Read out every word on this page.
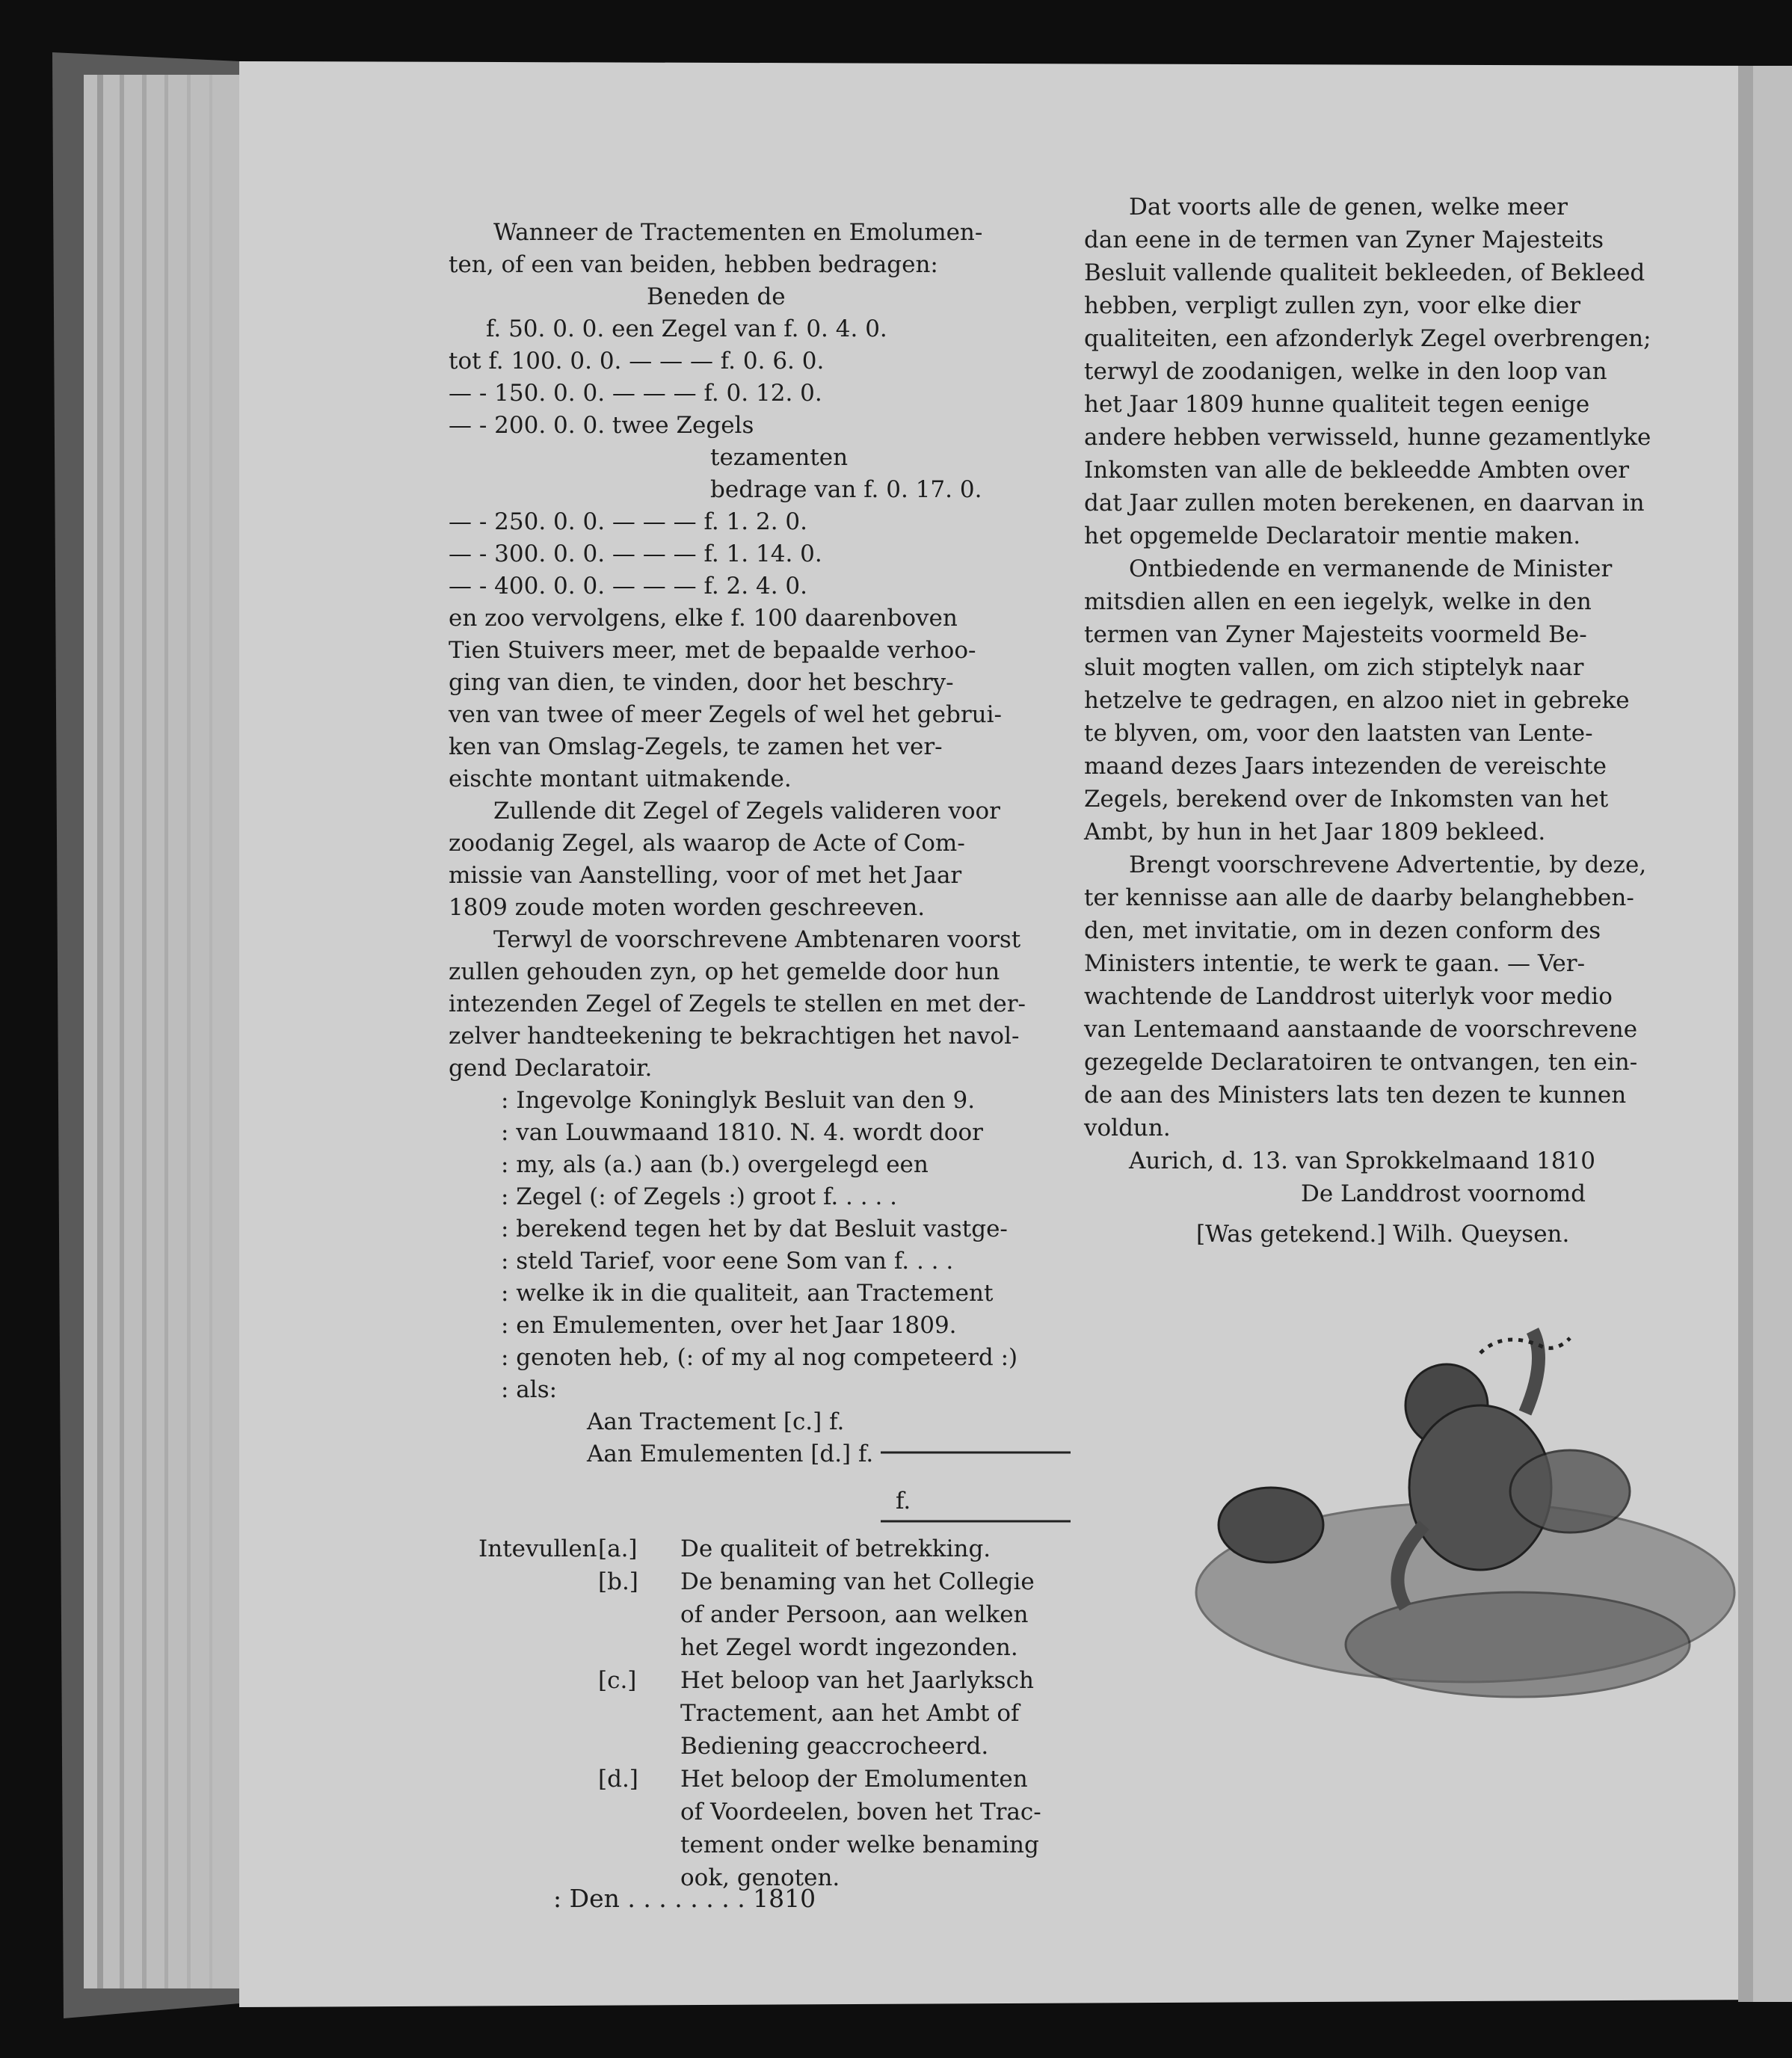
Wanneer de Tractementen en Emolumen-
ten, of een van beiden, hebben bedragen:
Beneden de
f. 50. 0. 0. een Zegel van f. 0. 4. 0.
tot f. 100. 0. 0. — — — f. 0. 6. 0.
— - 150. 0. 0. — — — f. 0. 12. 0.
— - 200. 0. 0. twee Zegels
tezamenten
bedrage van f. 0. 17. 0.
— - 250. 0. 0. — — — f. 1. 2. 0.
— - 300. 0. 0. — — — f. 1. 14. 0.
— - 400. 0. 0. — — — f. 2. 4. 0.
en zoo vervolgens, elke f. 100 daarenboven
Tien Stuivers meer, met de bepaalde verhoo-
ging van dien, te vinden, door het beschry-
ven van twee of meer Zegels of wel het gebrui-
ken van Omslag-Zegels, te zamen het ver-
eischte montant uitmakende.
Zullende dit Zegel of Zegels valideren voor
zoodanig Zegel, als waarop de Acte of Com-
missie van Aanstelling, voor of met het Jaar
1809 zoude moten worden geschreeven.
Terwyl de voorschrevene Ambtenaren voorst
zullen gehouden zyn, op het gemelde door hun
intezenden Zegel of Zegels te stellen en met der-
zelver handteekening te bekrachtigen het navol-
gend Declaratoir.
: Ingevolge Koninglyk Besluit van den 9.
: van Louwmaand 1810. N. 4. wordt door
: my, als (a.) aan (b.) overgelegd een
: Zegel (: of Zegels :) groot f. . . . .
: berekend tegen het by dat Besluit vastge-
: steld Tarief, voor eene Som van f. . . .
: welke ik in die qualiteit, aan Tractement
: en Emulementen, over het Jaar 1809.
: genoten heb, (: of my al nog competeerd :)
: als:
Aan Tractement [c.] f.
Aan Emulementen [d.] f.
f.
Intevullen [a.]	De qualiteit of betrekking.
[b.]	De benaming van het Collegie
of ander Persoon, aan welken
het Zegel wordt ingezonden.
[c.]	Het beloop van het Jaarlyksch
Tractement, aan het Ambt of
Bediening geaccrocheerd.
[d.]	Het beloop der Emolumenten
of Voordeelen, boven het Trac-
tement onder welke benaming
ook, genoten.
: Den . . . . . . . . 1810
Dat voorts alle de genen, welke meer
dan eene in de termen van Zyner Majesteits
Besluit vallende qualiteit bekleeden, of Bekleed
hebben, verpligt zullen zyn, voor elke dier
qualiteiten, een afzonderlyk Zegel overbrengen;
terwyl de zoodanigen, welke in den loop van
het Jaar 1809 hunne qualiteit tegen eenige
andere hebben verwisseld, hunne gezamentlyke
Inkomsten van alle de bekleedde Ambten over
dat Jaar zullen moten berekenen, en daarvan in
het opgemelde Declaratoir mentie maken.
Ontbiedende en vermanende de Minister
mitsdien allen en een iegelyk, welke in den
termen van Zyner Majesteits voormeld Be-
sluit mogten vallen, om zich stiptelyk naar
hetzelve te gedragen, en alzoo niet in gebreke
te blyven, om, voor den laatsten van Lente-
maand dezes Jaars intezenden de vereischte
Zegels, berekend over de Inkomsten van het
Ambt, by hun in het Jaar 1809 bekleed.
Brengt voorschrevene Advertentie, by deze,
ter kennisse aan alle de daarby belanghebben-
den, met invitatie, om in dezen conform des
Ministers intentie, te werk te gaan. — Ver-
wachtende de Landdrost uiterlyk voor medio
van Lentemaand aanstaande de voorschrevene
gezegelde Declaratoiren te ontvangen, ten ein-
de aan des Ministers lats ten dezen te kunnen
voldun.
Aurich, d. 13. van Sprokkelmaand 1810
De Landdrost voornomd
[Was getekend.] Wilh. Queysen.
